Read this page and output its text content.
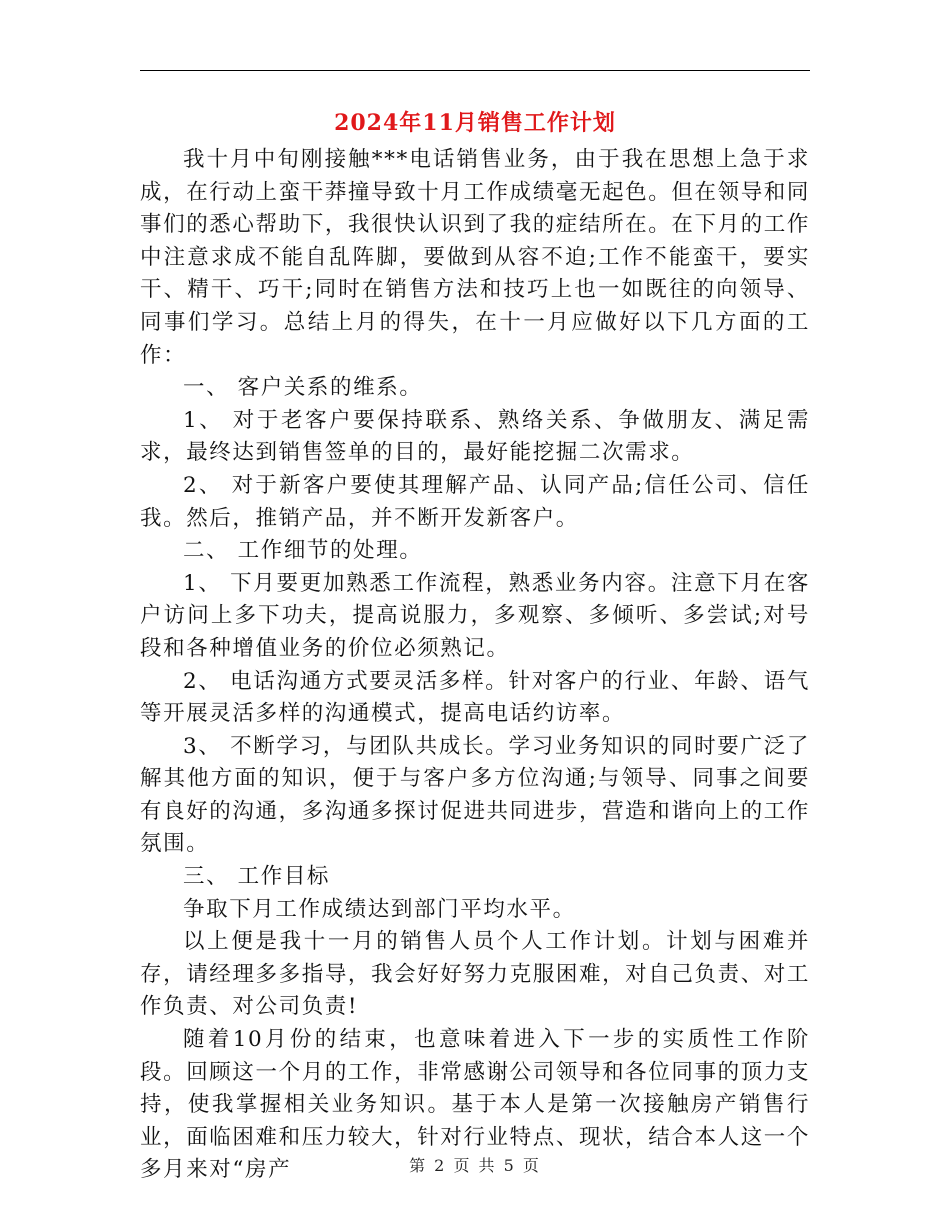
2024年11月销售工作计划

我十月中旬刚接触***电话销售业务，由于我在思想上急于求成，在行动上蛮干莽撞导致十月工作成绩毫无起色。但在领导和同事们的悉心帮助下，我很快认识到了我的症结所在。在下月的工作中注意求成不能自乱阵脚，要做到从容不迫;工作不能蛮干，要实干、精干、巧干;同时在销售方法和技巧上也一如既往的向领导、同事们学习。总结上月的得失，在十一月应做好以下几方面的工作：

一、 客户关系的维系。

1、 对于老客户要保持联系、熟络关系、争做朋友、满足需求，最终达到销售签单的目的，最好能挖掘二次需求。

2、 对于新客户要使其理解产品、认同产品;信任公司、信任我。然后，推销产品，并不断开发新客户。

二、 工作细节的处理。

1、 下月要更加熟悉工作流程，熟悉业务内容。注意下月在客户访问上多下功夫，提高说服力，多观察、多倾听、多尝试;对号段和各种增值业务的价位必须熟记。

2、 电话沟通方式要灵活多样。针对客户的行业、年龄、语气等开展灵活多样的沟通模式，提高电话约访率。

3、 不断学习，与团队共成长。学习业务知识的同时要广泛了解其他方面的知识，便于与客户多方位沟通;与领导、同事之间要有良好的沟通，多沟通多探讨促进共同进步，营造和谐向上的工作氛围。

三、 工作目标

争取下月工作成绩达到部门平均水平。

以上便是我十一月的销售人员个人工作计划。计划与困难并存，请经理多多指导，我会好好努力克服困难，对自己负责、对工作负责、对公司负责!

随着10月份的结束，也意味着进入下一步的实质性工作阶段。回顾这一个月的工作，非常感谢公司领导和各位同事的顶力支持，使我掌握相关业务知识。基于本人是第一次接触房产销售行业，面临困难和压力较大，针对行业特点、现状，结合本人这一个多月来对“房产	第 2 页 共 5 页
